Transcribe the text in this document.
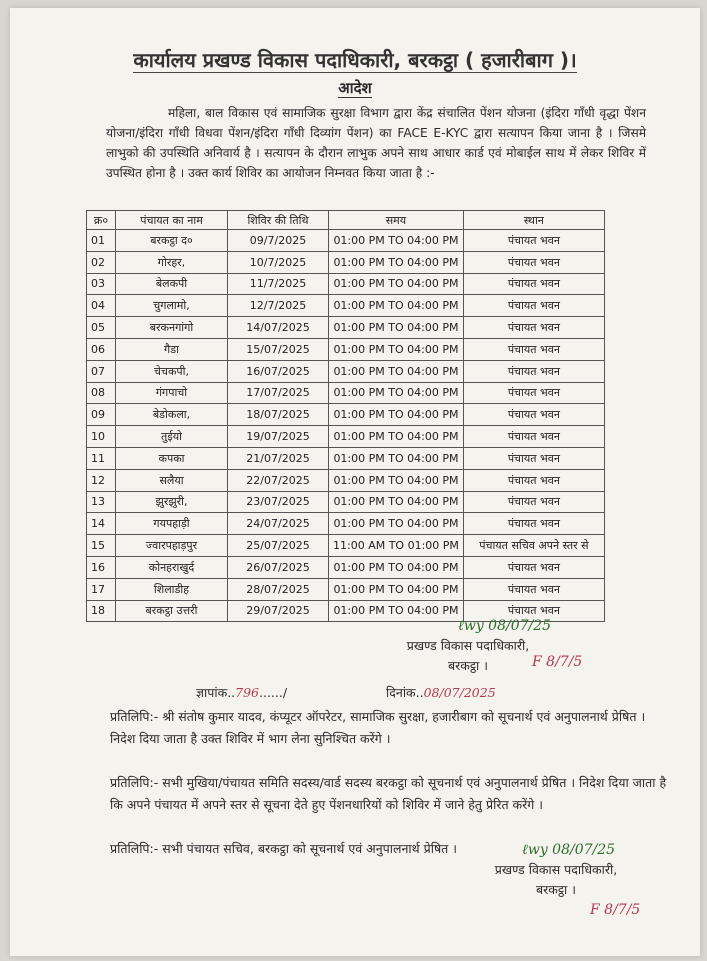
कार्यालय प्रखण्ड विकास पदाधिकारी, बरकट्ठा ( हजारीबाग )।
आदेश

महिला, बाल विकास एवं सामाजिक सुरक्षा विभाग द्वारा केंद्र संचालित पेंशन योजना (इंदिरा गाँधी वृद्धा पेंशन योजना/इंदिरा गाँधी विधवा पेंशन/इंदिरा गाँधी दिव्यांग पेंशन) का FACE E-KYC द्वारा सत्यापन किया जाना है । जिसमे लाभुको की उपस्थिति अनिवार्य है । सत्यापन के दौरान लाभुक अपने साथ आधार कार्ड एवं मोबाईल साथ में लेकर शिविर में उपस्थित होना है । उक्त कार्य शिविर का आयोजन निम्नवत किया जाता है :-

क्र०	पंचायत का नाम	शिविर की तिथि	समय	स्थान
01	बरकट्ठा द०	09/7/2025	01:00 PM TO 04:00 PM	पंचायत भवन
02	गोरहर,	10/7/2025	01:00 PM TO 04:00 PM	पंचायत भवन
03	बेलकपी	11/7/2025	01:00 PM TO 04:00 PM	पंचायत भवन
04	चुगलामो,	12/7/2025	01:00 PM TO 04:00 PM	पंचायत भवन
05	बरकनगांगो	14/07/2025	01:00 PM TO 04:00 PM	पंचायत भवन
06	गैडा	15/07/2025	01:00 PM TO 04:00 PM	पंचायत भवन
07	चेचकपी,	16/07/2025	01:00 PM TO 04:00 PM	पंचायत भवन
08	गंगपाचो	17/07/2025	01:00 PM TO 04:00 PM	पंचायत भवन
09	बेडोकला,	18/07/2025	01:00 PM TO 04:00 PM	पंचायत भवन
10	तुईयो	19/07/2025	01:00 PM TO 04:00 PM	पंचायत भवन
11	कपका	21/07/2025	01:00 PM TO 04:00 PM	पंचायत भवन
12	सलैया	22/07/2025	01:00 PM TO 04:00 PM	पंचायत भवन
13	झुरझुरी,	23/07/2025	01:00 PM TO 04:00 PM	पंचायत भवन
14	गयपहाड़ी	24/07/2025	01:00 PM TO 04:00 PM	पंचायत भवन
15	ज्वारपहाड़पुर	25/07/2025	11:00 AM TO 01:00 PM	पंचायत सचिव अपने स्तर से
16	कोनहराखुर्द	26/07/2025	01:00 PM TO 04:00 PM	पंचायत भवन
17	शिलाडीह	28/07/2025	01:00 PM TO 04:00 PM	पंचायत भवन
18	बरकट्ठा उत्तरी	29/07/2025	01:00 PM TO 04:00 PM	पंचायत भवन
ℓwy 08/07/25
प्रखण्ड विकास पदाधिकारी,
बरकट्ठा ।	F 8/7/5
ज्ञापांक..796....../	दिनांक..08/07/2025
प्रतिलिपि:- श्री संतोष कुमार यादव, कंप्यूटर ऑपरेटर, सामाजिक सुरक्षा, हजारीबाग को सूचनार्थ एवं अनुपालनार्थ प्रेषित । निदेश दिया जाता है उक्त शिविर में भाग लेना सुनिश्चित करेंगे ।
प्रतिलिपि:- सभी मुखिया/पंचायत समिति सदस्य/वार्ड सदस्य बरकट्ठा को सूचनार्थ एवं अनुपालनार्थ प्रेषित । निदेश दिया जाता है कि अपने पंचायत में अपने स्तर से सूचना देते हुए पेंशनधारियों को शिविर में जाने हेतु प्रेरित करेंगे ।
प्रतिलिपि:- सभी पंचायत सचिव, बरकट्ठा को सूचनार्थ एवं अनुपालनार्थ प्रेषित ।	ℓwy 08/07/25
प्रखण्ड विकास पदाधिकारी,
बरकट्ठा ।
F 8/7/5
